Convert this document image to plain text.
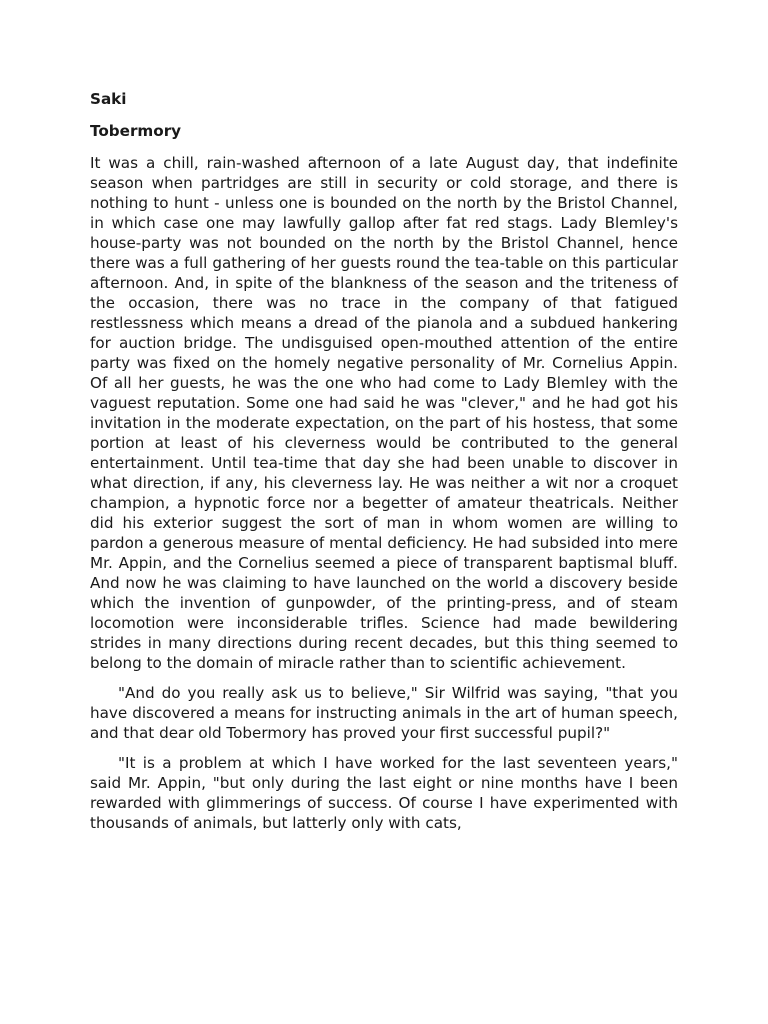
Saki
Tobermory

It was a chill, rain-washed afternoon of a late August day, that indefinite season when partridges are still in security or cold storage, and there is nothing to hunt - unless one is bounded on the north by the Bristol Channel, in which case one may lawfully gallop after fat red stags. Lady Blemley's house-party was not bounded on the north by the Bristol Channel, hence there was a full gathering of her guests round the tea-table on this particular afternoon. And, in spite of the blankness of the season and the triteness of the occasion, there was no trace in the company of that fatigued restlessness which means a dread of the pianola and a subdued hankering for auction bridge. The undisguised open-mouthed attention of the entire party was fixed on the homely negative personality of Mr. Cornelius Appin. Of all her guests, he was the one who had come to Lady Blemley with the vaguest reputation. Some one had said he was "clever," and he had got his invitation in the moderate expectation, on the part of his hostess, that some portion at least of his cleverness would be contributed to the general entertainment. Until tea-time that day she had been unable to discover in what direction, if any, his cleverness lay. He was neither a wit nor a croquet champion, a hypnotic force nor a begetter of amateur theatricals. Neither did his exterior suggest the sort of man in whom women are willing to pardon a generous measure of mental deficiency. He had subsided into mere Mr. Appin, and the Cornelius seemed a piece of transparent baptismal bluff. And now he was claiming to have launched on the world a discovery beside which the invention of gunpowder, of the printing-press, and of steam locomotion were inconsiderable trifles. Science had made bewildering strides in many directions during recent decades, but this thing seemed to belong to the domain of miracle rather than to scientific achievement.

"And do you really ask us to believe," Sir Wilfrid was saying, "that you have discovered a means for instructing animals in the art of human speech, and that dear old Tobermory has proved your first successful pupil?"

"It is a problem at which I have worked for the last seventeen years," said Mr. Appin, "but only during the last eight or nine months have I been rewarded with glimmerings of success. Of course I have experimented with thousands of animals, but latterly only with cats,
